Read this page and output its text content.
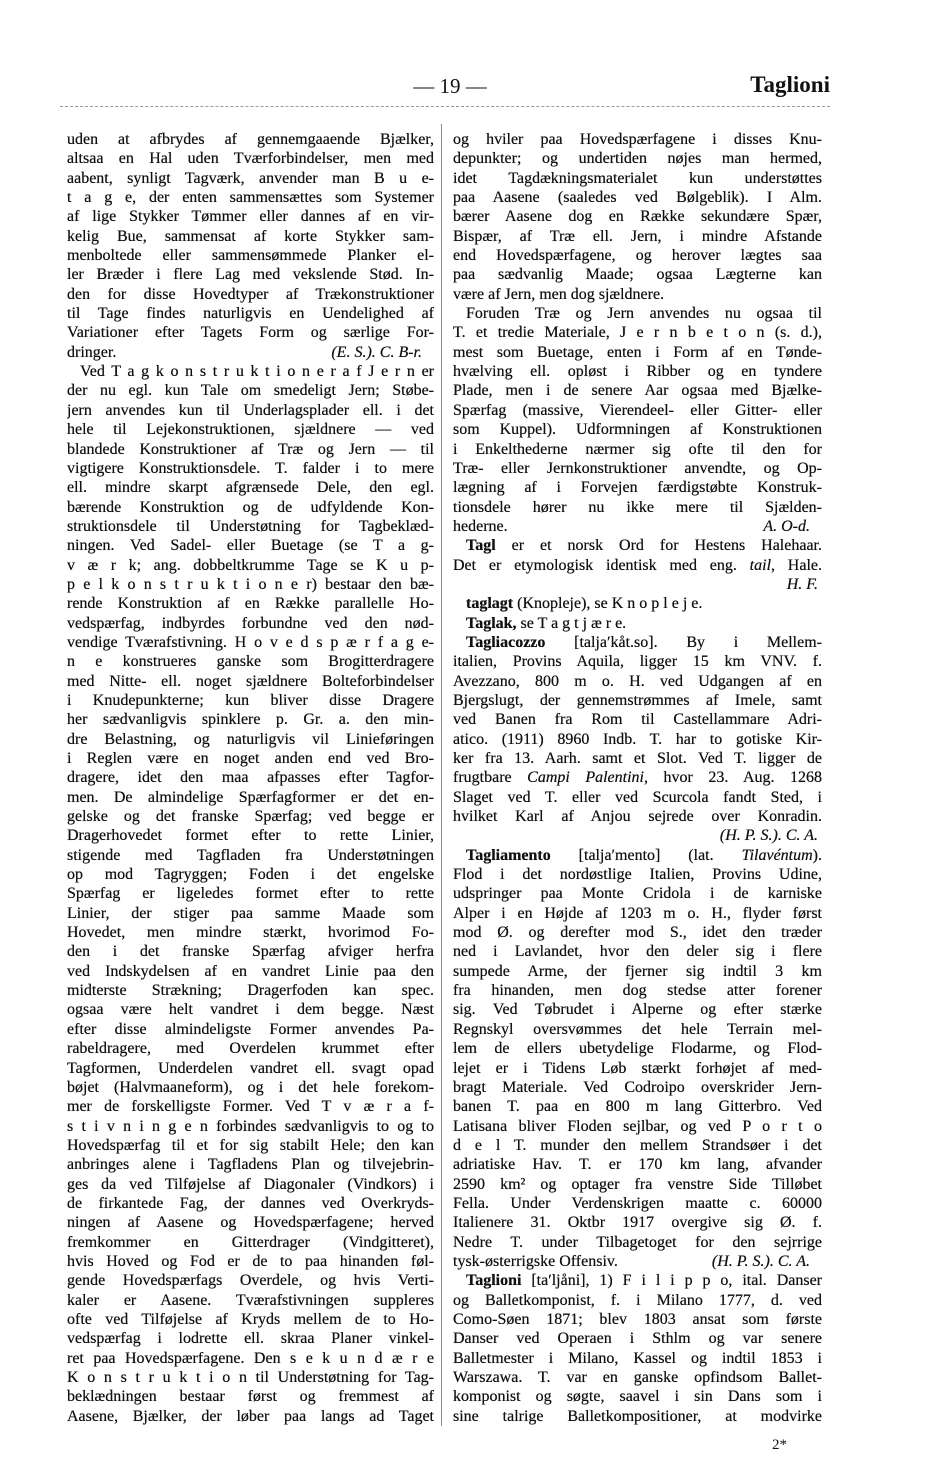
— 19 —	Taglioni
uden at afbrydes af gennemgaaende Bjælker,
altsaa en Hal uden Tværforbindelser, men med
aabent, synligt Tagværk, anvender man B u e-
t a g e, der enten sammensættes som Systemer
af lige Stykker Tømmer eller dannes af en vir-
kelig Bue, sammensat af korte Stykker sam-
menboltede eller sammensømmede Planker el-
ler Bræder i flere Lag med vekslende Stød. In-
den for disse Hovedtyper af Trækonstruktioner
til Tage findes naturligvis en Uendelighed af
Variationer efter Tagets Form og særlige For-
dringer.	(E. S.). C. B-r.
Ved T a g k o n s t r u k t i o n e r a f J e r n er
der nu egl. kun Tale om smedeligt Jern; Støbe-
jern anvendes kun til Underlagsplader ell. i det
hele til Lejekonstruktionen, sjældnere — ved
blandede Konstruktioner af Træ og Jern — til
vigtigere Konstruktionsdele. T. falder i to mere
ell. mindre skarpt afgrænsede Dele, den egl.
bærende Konstruktion og de udfyldende Kon-
struktionsdele til Understøtning for Tagbeklæd-
ningen. Ved Sadel- eller Buetage (se T a g-
v æ r k; ang. dobbeltkrumme Tage se K u p-
p e l k o n s t r u k t i o n e r) bestaar den bæ-
rende Konstruktion af en Række parallelle Ho-
vedspærfag, indbyrdes forbundne ved den nød-
vendige Tværafstivning. H o v e d s p æ r f a g e-
n e konstrueres ganske som Brogitterdragere
med Nitte- ell. noget sjældnere Bolteforbindelser
i Knudepunkterne; kun bliver disse Dragere
her sædvanligvis spinklere p. Gr. a. den min-
dre Belastning, og naturligvis vil Linieføringen
i Reglen være en noget anden end ved Bro-
dragere, idet den maa afpasses efter Tagfor-
men. De almindelige Spærfagformer er det en-
gelske og det franske Spærfag; ved begge er
Dragerhovedet formet efter to rette Linier,
stigende med Tagfladen fra Understøtningen
op mod Tagryggen; Foden i det engelske
Spærfag er ligeledes formet efter to rette
Linier, der stiger paa samme Maade som
Hovedet, men mindre stærkt, hvorimod Fo-
den i det franske Spærfag afviger herfra
ved Indskydelsen af en vandret Linie paa den
midterste Strækning; Dragerfoden kan spec.
ogsaa være helt vandret i dem begge. Næst
efter disse almindeligste Former anvendes Pa-
rabeldragere, med Overdelen krummet efter
Tagformen, Underdelen vandret ell. svagt opad
bøjet (Halvmaaneform), og i det hele forekom-
mer de forskelligste Former. Ved T v æ r a f-
s t i v n i n g e n forbindes sædvanligvis to og to
Hovedspærfag til et for sig stabilt Hele; den kan
anbringes alene i Tagfladens Plan og tilvejebrin-
ges da ved Tilføjelse af Diagonaler (Vindkors) i
de firkantede Fag, der dannes ved Overkryds-
ningen af Aasene og Hovedspærfagene; herved
fremkommer en Gitterdrager (Vindgitteret),
hvis Hoved og Fod er de to paa hinanden føl-
gende Hovedspærfags Overdele, og hvis Verti-
kaler er Aasene. Tværafstivningen suppleres
ofte ved Tilføjelse af Kryds mellem de to Ho-
vedspærfag i lodrette ell. skraa Planer vinkel-
ret paa Hovedspærfagene. Den s e k u n d æ r e
K o n s t r u k t i o n til Understøtning for Tag-
beklædningen bestaar først og fremmest af
Aasene, Bjælker, der løber paa langs ad Taget
og hviler paa Hovedspærfagene i disses Knu-
depunkter; og undertiden nøjes man hermed,
idet Tagdækningsmaterialet kun understøttes
paa Aasene (saaledes ved Bølgeblik). I Alm.
bærer Aasene dog en Række sekundære Spær,
Bispær, af Træ ell. Jern, i mindre Afstande
end Hovedspærfagene, og herover lægtes saa
paa sædvanlig Maade; ogsaa Lægterne kan
være af Jern, men dog sjældnere.
Foruden Træ og Jern anvendes nu ogsaa til
T. et tredie Materiale, J e r n b e t o n (s. d.),
mest som Buetage, enten i Form af en Tønde-
hvælving ell. opløst i Ribber og en tyndere
Plade, men i de senere Aar ogsaa med Bjælke-
Spærfag (massive, Vierendeel- eller Gitter- eller
som Kuppel). Udformningen af Konstruktionen
i Enkelthederne nærmer sig ofte til den for
Træ- eller Jernkonstruktioner anvendte, og Op-
lægning af i Forvejen færdigstøbte Konstruk-
tionsdele hører nu ikke mere til Sjælden-
hederne.	A. O-d.
Tagl er et norsk Ord for Hestens Halehaar.
Det er etymologisk identisk med eng. tail, Hale.
H. F.
taglagt (Knopleje), se K n o p l e j e.
Taglak, se T a g t j æ r e.
Tagliacozzo [taljaʹkåt.so]. By i Mellem-
italien, Provins Aquila, ligger 15 km VNV. f.
Avezzano, 800 m o. H. ved Udgangen af en
Bjergslugt, der gennemstrømmes af Imele, samt
ved Banen fra Rom til Castellammare Adri-
atico. (1911) 8960 Indb. T. har to gotiske Kir-
ker fra 13. Aarh. samt et Slot. Ved T. ligger de
frugtbare Campi Palentini, hvor 23. Aug. 1268
Slaget ved T. eller ved Scurcola fandt Sted, i
hvilket Karl af Anjou sejrede over Konradin.
(H. P. S.). C. A.
Tagliamento [taljaʹmento] (lat. Tilavéntum).
Flod i det nordøstlige Italien, Provins Udine,
udspringer paa Monte Cridola i de karniske
Alper i en Højde af 1203 m o. H., flyder først
mod Ø. og derefter mod S., idet den træder
ned i Lavlandet, hvor den deler sig i flere
sumpede Arme, der fjerner sig indtil 3 km
fra hinanden, men dog stedse atter forener
sig. Ved Tøbrudet i Alperne og efter stærke
Regnskyl oversvømmes det hele Terrain mel-
lem de ellers ubetydelige Flodarme, og Flod-
lejet er i Tidens Løb stærkt forhøjet af med-
bragt Materiale. Ved Codroipo overskrider Jern-
banen T. paa en 800 m lang Gitterbro. Ved
Latisana bliver Floden sejlbar, og ved P o r t o
d e l T. munder den mellem Strandsøer i det
adriatiske Hav. T. er 170 km lang, afvander
2590 km² og optager fra venstre Side Tilløbet
Fella. Under Verdenskrigen maatte c. 60000
Italienere 31. Oktbr 1917 overgive sig Ø. f.
Nedre T. under Tilbagetoget for den sejrrige
tysk-østerrigske Offensiv.	(H. P. S.). C. A.
Taglioni [taʹljåni], 1) F i l i p p o, ital. Danser
og Balletkomponist, f. i Milano 1777, d. ved
Como-Søen 1871; blev 1803 ansat som første
Danser ved Operaen i Sthlm og var senere
Balletmester i Milano, Kassel og indtil 1853 i
Warszawa. T. var en ganske opfindsom Ballet-
komponist og søgte, saavel i sin Dans som i
sine talrige Balletkompositioner, at modvirke
2*
